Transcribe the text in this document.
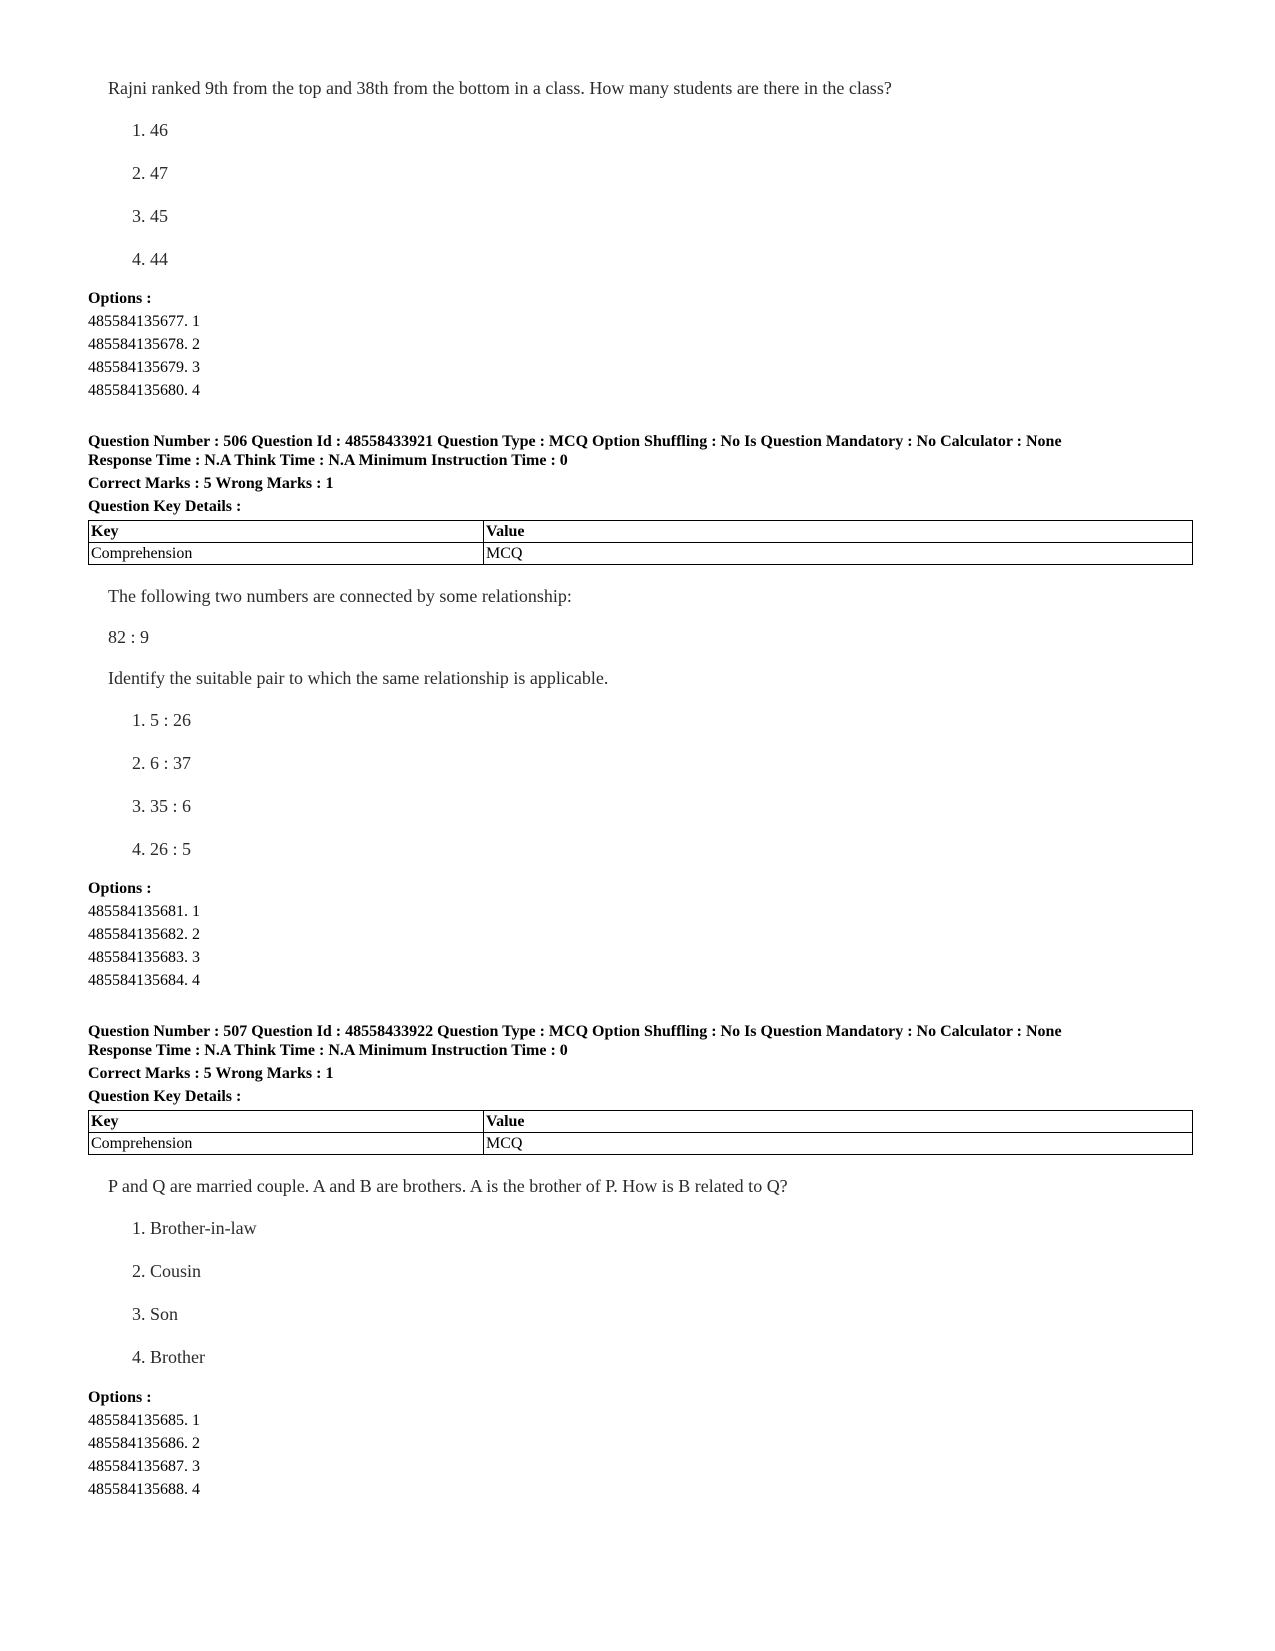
Rajni ranked 9th from the top and 38th from the bottom in a class. How many students are there in the class?
1. 46
2. 47
3. 45
4. 44
Options :
485584135677. 1
485584135678. 2
485584135679. 3
485584135680. 4
Question Number : 506 Question Id : 48558433921 Question Type : MCQ Option Shuffling : No Is Question Mandatory : No Calculator : None
Response Time : N.A Think Time : N.A Minimum Instruction Time : 0
Correct Marks : 5 Wrong Marks : 1
Question Key Details :
Key	Value
Comprehension	MCQ
The following two numbers are connected by some relationship:
82 : 9
Identify the suitable pair to which the same relationship is applicable.
1. 5 : 26
2. 6 : 37
3. 35 : 6
4. 26 : 5
Options :
485584135681. 1
485584135682. 2
485584135683. 3
485584135684. 4
Question Number : 507 Question Id : 48558433922 Question Type : MCQ Option Shuffling : No Is Question Mandatory : No Calculator : None
Response Time : N.A Think Time : N.A Minimum Instruction Time : 0
Correct Marks : 5 Wrong Marks : 1
Question Key Details :
Key	Value
Comprehension	MCQ
P and Q are married couple. A and B are brothers. A is the brother of P. How is B related to Q?
1. Brother-in-law
2. Cousin
3. Son
4. Brother
Options :
485584135685. 1
485584135686. 2
485584135687. 3
485584135688. 4
